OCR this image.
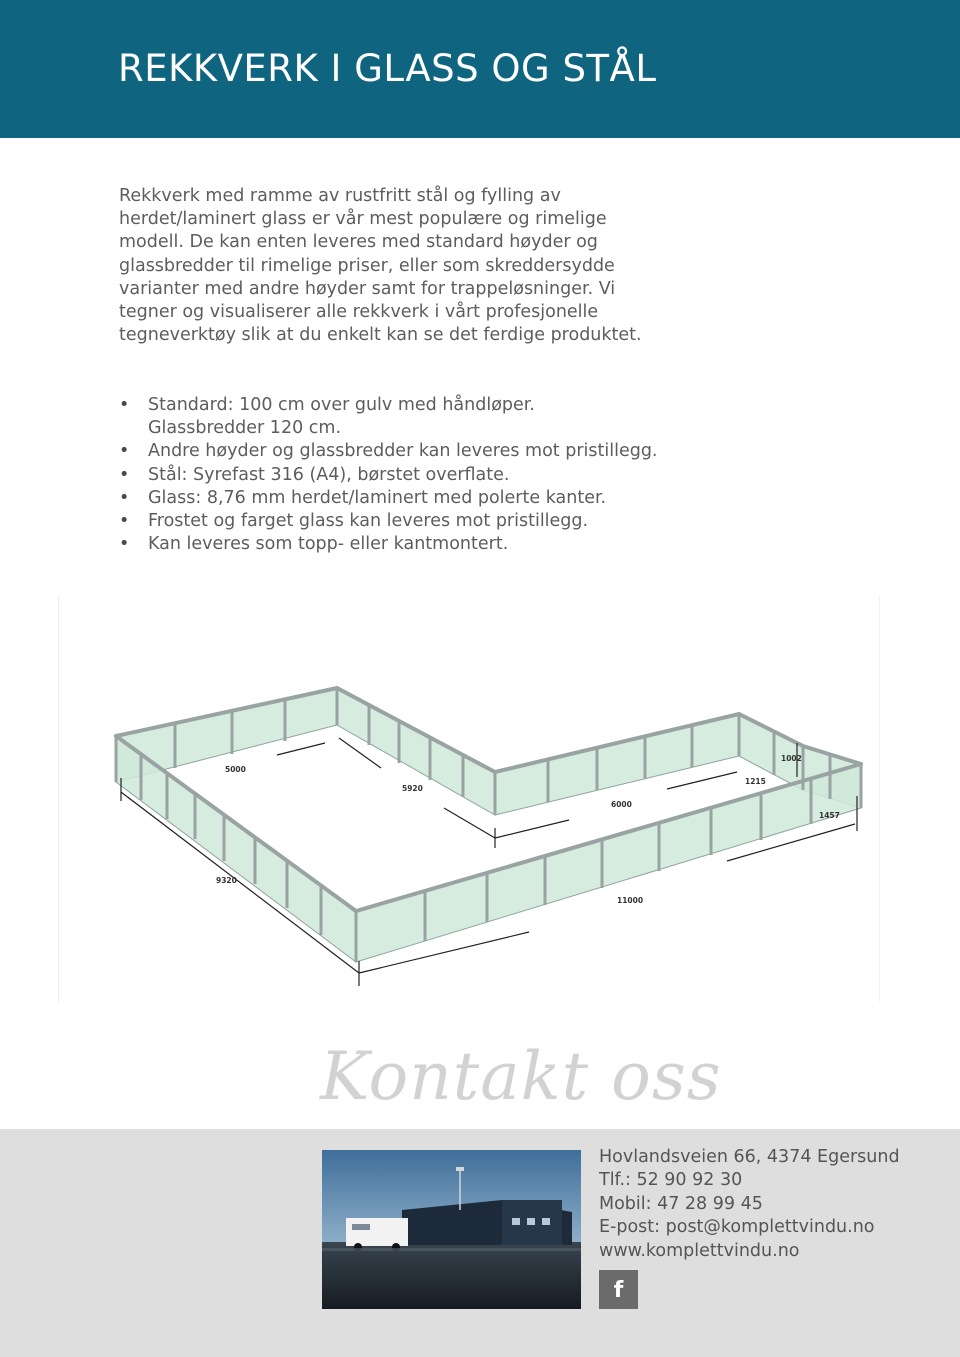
REKKVERK I GLASS OG STÅL

Rekkverk med ramme av rustfritt stål og fylling av herdet/laminert glass er vår mest populære og rimelige modell. De kan enten leveres med standard høyder og glassbredder til rimelige priser, eller som skreddersydde varianter med andre høyder samt for trappeløsninger. Vi tegner og visualiserer alle rekkverk i vårt profesjonelle tegneverktøy slik at du enkelt kan se det ferdige produktet.

• Standard: 100 cm over gulv med håndløper.
Glassbredder 120 cm.
• Andre høyder og glassbredder kan leveres mot pristillegg.
• Stål: Syrefast 316 (A4), børstet overflate.
• Glass: 8,76 mm herdet/laminert med polerte kanter.
• Frostet og farget glass kan leveres mot pristillegg.
• Kan leveres som topp- eller kantmontert.
5000
5920
6000
1215
1002
1457
9320
11000
Kontakt oss
Hovlandsveien 66, 4374 Egersund
Tlf.: 52 90 92 30
Mobil: 47 28 99 45
E-post: post@komplettvindu.no
www.komplettvindu.no
f
